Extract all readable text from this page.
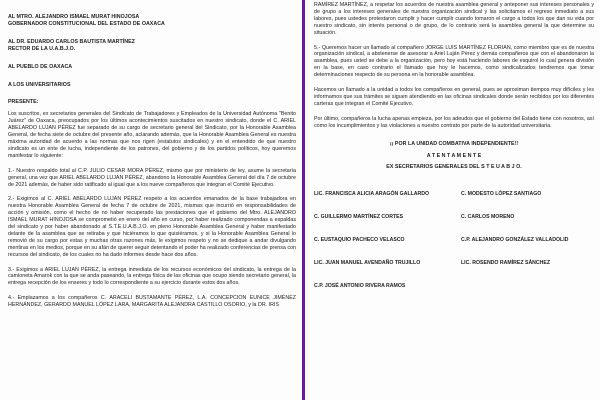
AL MTRO. ALEJANDRO ISMAEL MURAT HINOJOSA

GOBERNADOR CONSTITUCIONAL DEL ESTADO DE OAXACA

AL DR. EDUARDO CARLOS BAUTISTA MARTÍNEZ

RECTOR DE LA U.A.B.J.O.

AL PUEBLO DE OAXACA

A LOS UNIVERSITARIOS

PRESENTE:

Los suscritos, ex secretarios generales del Sindicato de Trabajadores y Empleados de la Universidad Autónoma "Benito Juárez" de Oaxaca, preocupados por los últimos acontecimientos suscitados en nuestro sindicato, donde el C. ARIEL ABELARDO LUJAN PÉREZ fue separado de su cargo de secretario general del Sindicato, por la Honorable Asamblea General, de fecha siete de octubre del presente año, aclarando además, que la Honorable Asamblea General es nuestra máxima autoridad de acuerdo a las normas que nos rigen (estatutos sindicales) y en el entendido de que nuestro sindicato es un ente de lucha, independiente de los patrones, del gobierno y de los partidos políticos, hoy queremos manifestar lo siguiente:

1.- Nuestro respaldo total al C.P. JULIO CESAR MORA PÉREZ, mismo que por ministerio de ley, asume la secretaría general, una vez que ARIEL ABELARDO LUJAN PÉREZ, abandono la Honorable Asamblea General del día 7 de octubre de 2021 además, de haber sido ratificado al igual que a los nueve compañeros que integran el Comité Ejecutivo.

2.- Exigimos al C. ARIEL ABELARDO LUJAN PÉREZ respeto a los acuerdos emanados de la base trabajadora en nuestra Honorable Asamblea General de fecha 7 de octubre de 2021, mismas que incurrió en responsabilidades de acción y omisión, como el hecho de no haber recuperado las prestaciones que el gobierno del Mtro. ALEJANDRO ISMAEL MURAT HINOJOSA se comprometió en enero del año en curso, por haber realizado componendas a espaldas del sindicato y por haber abandonado al S.T.E.U.A.B.J.O. en pleno Honorable Asamblea General y haber manifestado delante de la asamblea que se retiraba y que hiciéramos lo que quisiéramos, y si la Honorable Asamblea General lo removió de su cargo por estas y muchas otras razones más, le exigimos respeto y no se dedique a andar divulgando mentiras en los medios, porque en su afán de querer seguir detentando el poder ha realizado conferencias de prensa con recursos del sindicato, de los cuales no ha dado informes desde hace dos años.

3.- Exigimos a ARIEL LUJAN PÉREZ, la entrega inmediata de los recursos económicos del sindicato, la entrega de la camioneta Amarok con la que se anda paseando, la entrega física de las oficinas que ocupo siendo secretario general, la entrega recepción de los enseres y todo lo correspondiente a su ejercicio durante estos dos años.

4.- Emplazamos a los compañeros C. ARACELI BUSTAMANTE PÉREZ, L.A. CONCEPCION EUNICE JIMÉNEZ HERNÁNDEZ, GERARDO MANUEL LÓPEZ LARA, MARGARITA ALEJANDRA CASTILLO OSORIO, y la DR. IRIS

RAMÍREZ MARTÍNEZ, a respetar los acuerdos de nuestra asamblea general y anteponer sus intereses personales y de grupo a los intereses generales de nuestra organización sindical y las solicitamos el regreso inmediato a sus labores, pues ustedes protestaron cumplir y hacer cumplir cuando tomaron el cargo a todos los que dan su vida por nuestro sindicato, sin interés personal o de grupo, de lo contrario será la asamblea general la que determine su situación.

5.- Queremos hacer un llamado al compañero JORGE LUIS MARTÍNEZ FLORIAN, como miembro que es de nuestra organización sindical, a abstenerse de asesorar a Ariel Luján Pérez y demás compañeros que con el abandonaron la asamblea, pues usted se debe a la organización, pero hoy está haciendo labores de esquirol lo cual genera división en la base, en caso contrario el llamado que hoy le hacemos, como sindicalizados tendremos que tomar determinaciones respecto de su persona en la honorable asamblea.

Hacemos un llamado a la unidad a todos los compañeros en general, pues se aproximan tiempos muy difíciles y les informamos que sus trámites se siguen atendiendo en las oficinas sindicales donde serán recibidos por los diferentes carteras que integran el Comité Ejecutivo.

Por último, compañeros la lucha apenas empieza, por los adeudos que el gobierno del Estado tiene con nosotros, así como los incumplimientos y las violaciones a nuestro contrato por parte de la autoridad universitaria.

¡¡ POR LA UNIDAD COMBATIVA INDEPENDIENTE!!

A T E N T A M E N T E

EX SECRETARIOS GENERALES DEL S T E U A B J O.

LIC. FRANCISCA ALICIA ARAGÓN GALLARDO	C. MODESTO LÓPEZ SANTIAGO
C. GUILLERMO MARTÍNEZ CORTES	C. CARLOS MORENO
C. EUSTAQUIO PACHECO VELASCO	C.P. ALEJANDRO GONZÁLEZ VALLADOLID
LIC. JUAN MANUEL AVENDAÑO TRUJILLO	LIC. ROSENDO RAMÍREZ SÁNCHEZ
C.P. JOSÉ ANTONIO RIVERA RAMOS
